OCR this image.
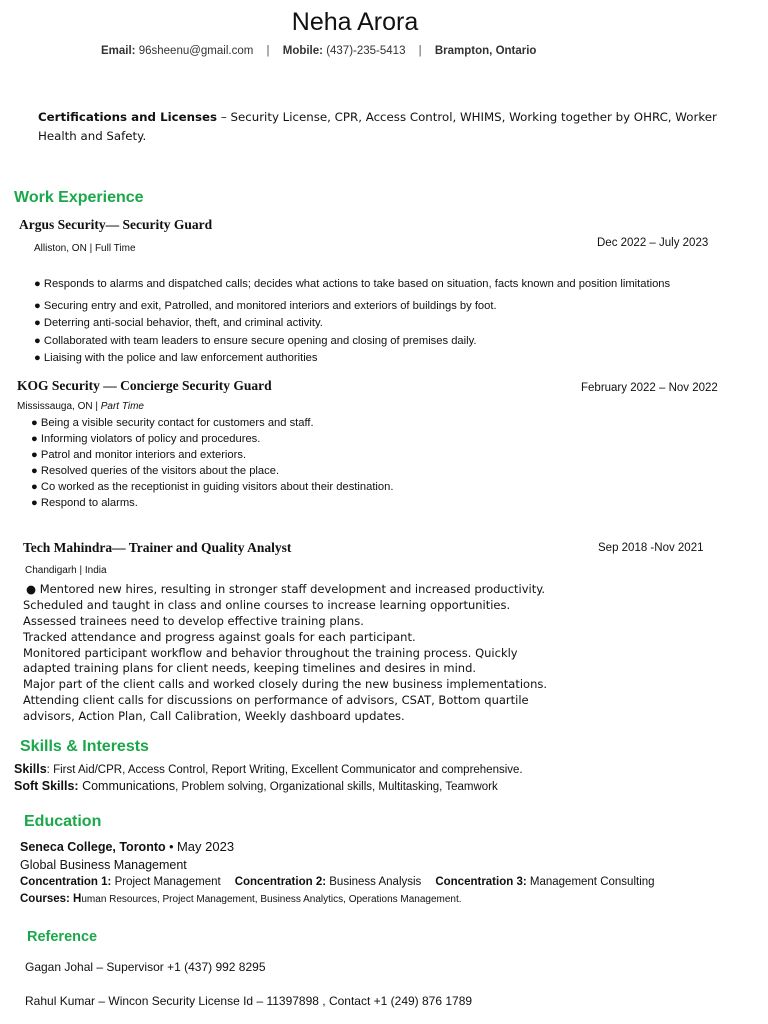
Neha Arora
Email: 96sheenu@gmail.com | Mobile: (437)-235-5413 | Brampton, Ontario
Certifications and Licenses – Security License, CPR, Access Control, WHIMS, Working together by OHRC, Worker Health and Safety.
Work Experience
Argus Security— Security Guard
Alliston, ON | Full Time	Dec 2022 – July 2023
● Responds to alarms and dispatched calls; decides what actions to take based on situation, facts known and position limitations
● Securing entry and exit, Patrolled, and monitored interiors and exteriors of buildings by foot.
● Deterring anti-social behavior, theft, and criminal activity.
● Collaborated with team leaders to ensure secure opening and closing of premises daily.
● Liaising with the police and law enforcement authorities
KOG Security — Concierge Security Guard
Mississauga, ON | Part Time
February 2022 – Nov 2022
● Being a visible security contact for customers and staff.
● Informing violators of policy and procedures.
● Patrol and monitor interiors and exteriors.
● Resolved queries of the visitors about the place.
● Co worked as the receptionist in guiding visitors about their destination.
● Respond to alarms.
Tech Mahindra— Trainer and Quality Analyst
Chandigarh | India
Sep 2018 -Nov 2021
● Mentored new hires, resulting in stronger staff development and increased productivity.
Scheduled and taught in class and online courses to increase learning opportunities.
Assessed trainees need to develop effective training plans.
Tracked attendance and progress against goals for each participant.
Monitored participant workflow and behavior throughout the training process. Quickly
adapted training plans for client needs, keeping timelines and desires in mind.
Major part of the client calls and worked closely during the new business implementations.
Attending client calls for discussions on performance of advisors, CSAT, Bottom quartile
advisors, Action Plan, Call Calibration, Weekly dashboard updates.
Skills & Interests
Skills: First Aid/CPR, Access Control, Report Writing, Excellent Communicator and comprehensive.
Soft Skills: Communications, Problem solving, Organizational skills, Multitasking, Teamwork
Education
Seneca College, Toronto • May 2023
Global Business Management
Concentration 1: Project Management Concentration 2: Business Analysis Concentration 3: Management Consulting
Courses: Human Resources, Project Management, Business Analytics, Operations Management.
Reference
Gagan Johal – Supervisor +1 (437) 992 8295
Rahul Kumar – Wincon Security License Id – 11397898 , Contact +1 (249) 876 1789
